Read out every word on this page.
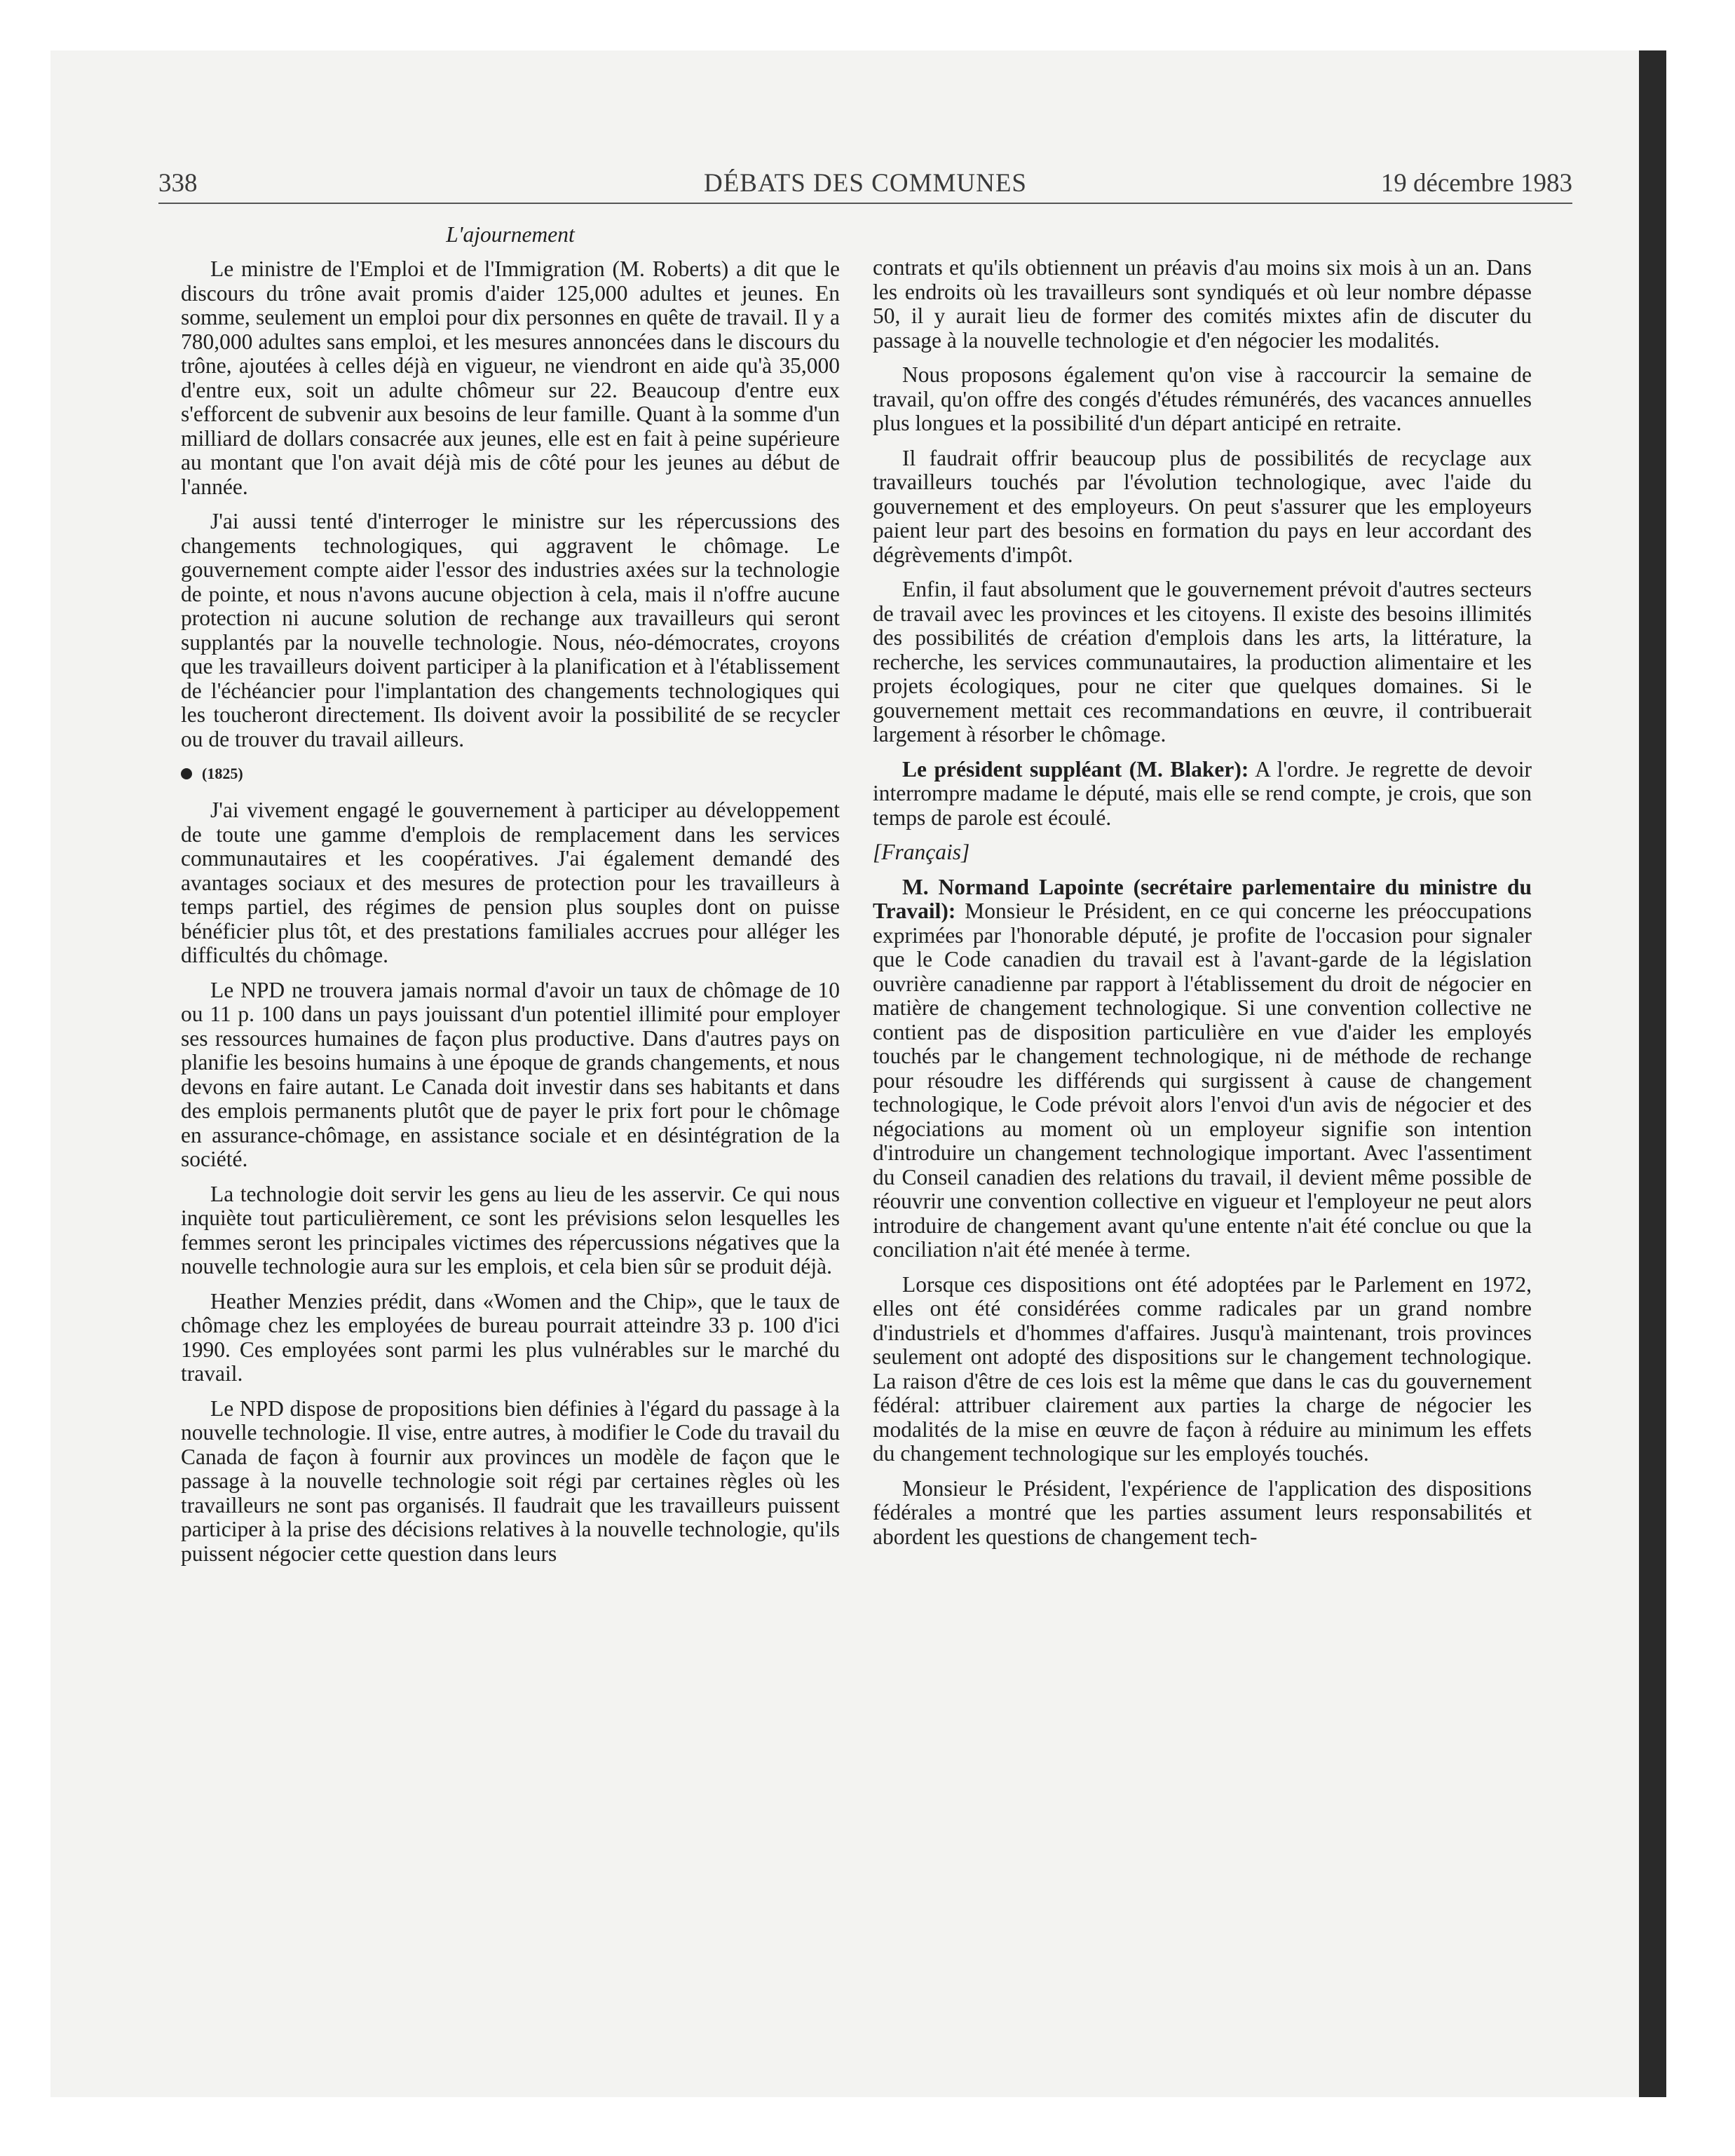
338	DÉBATS DES COMMUNES	19 décembre 1983
L'ajournement

Le ministre de l'Emploi et de l'Immigration (M. Roberts) a dit que le discours du trône avait promis d'aider 125,000 adultes et jeunes. En somme, seulement un emploi pour dix personnes en quête de travail. Il y a 780,000 adultes sans emploi, et les mesures annoncées dans le discours du trône, ajoutées à celles déjà en vigueur, ne viendront en aide qu'à 35,000 d'entre eux, soit un adulte chômeur sur 22. Beaucoup d'entre eux s'efforcent de subvenir aux besoins de leur famille. Quant à la somme d'un milliard de dollars consacrée aux jeunes, elle est en fait à peine supérieure au montant que l'on avait déjà mis de côté pour les jeunes au début de l'année.

J'ai aussi tenté d'interroger le ministre sur les répercussions des changements technologiques, qui aggravent le chômage. Le gouvernement compte aider l'essor des industries axées sur la technologie de pointe, et nous n'avons aucune objection à cela, mais il n'offre aucune protection ni aucune solution de rechange aux travailleurs qui seront supplantés par la nouvelle technologie. Nous, néo-démocrates, croyons que les travailleurs doivent participer à la planification et à l'établissement de l'échéancier pour l'implantation des changements technologiques qui les toucheront directement. Ils doivent avoir la possibilité de se recycler ou de trouver du travail ailleurs.

(1825)

J'ai vivement engagé le gouvernement à participer au développement de toute une gamme d'emplois de remplacement dans les services communautaires et les coopératives. J'ai également demandé des avantages sociaux et des mesures de protection pour les travailleurs à temps partiel, des régimes de pension plus souples dont on puisse bénéficier plus tôt, et des prestations familiales accrues pour alléger les difficultés du chômage.

Le NPD ne trouvera jamais normal d'avoir un taux de chômage de 10 ou 11 p. 100 dans un pays jouissant d'un potentiel illimité pour employer ses ressources humaines de façon plus productive. Dans d'autres pays on planifie les besoins humains à une époque de grands changements, et nous devons en faire autant. Le Canada doit investir dans ses habitants et dans des emplois permanents plutôt que de payer le prix fort pour le chômage en assurance-chômage, en assistance sociale et en désintégration de la société.

La technologie doit servir les gens au lieu de les asservir. Ce qui nous inquiète tout particulièrement, ce sont les prévisions selon lesquelles les femmes seront les principales victimes des répercussions négatives que la nouvelle technologie aura sur les emplois, et cela bien sûr se produit déjà.

Heather Menzies prédit, dans «Women and the Chip», que le taux de chômage chez les employées de bureau pourrait atteindre 33 p. 100 d'ici 1990. Ces employées sont parmi les plus vulnérables sur le marché du travail.

Le NPD dispose de propositions bien définies à l'égard du passage à la nouvelle technologie. Il vise, entre autres, à modifier le Code du travail du Canada de façon à fournir aux provinces un modèle de façon que le passage à la nouvelle technologie soit régi par certaines règles où les travailleurs ne sont pas organisés. Il faudrait que les travailleurs puissent participer à la prise des décisions relatives à la nouvelle technologie, qu'ils puissent négocier cette question dans leurs

contrats et qu'ils obtiennent un préavis d'au moins six mois à un an. Dans les endroits où les travailleurs sont syndiqués et où leur nombre dépasse 50, il y aurait lieu de former des comités mixtes afin de discuter du passage à la nouvelle technologie et d'en négocier les modalités.

Nous proposons également qu'on vise à raccourcir la semaine de travail, qu'on offre des congés d'études rémunérés, des vacances annuelles plus longues et la possibilité d'un départ anticipé en retraite.

Il faudrait offrir beaucoup plus de possibilités de recyclage aux travailleurs touchés par l'évolution technologique, avec l'aide du gouvernement et des employeurs. On peut s'assurer que les employeurs paient leur part des besoins en formation du pays en leur accordant des dégrèvements d'impôt.

Enfin, il faut absolument que le gouvernement prévoit d'autres secteurs de travail avec les provinces et les citoyens. Il existe des besoins illimités des possibilités de création d'emplois dans les arts, la littérature, la recherche, les services communautaires, la production alimentaire et les projets écologiques, pour ne citer que quelques domaines. Si le gouvernement mettait ces recommandations en œuvre, il contribuerait largement à résorber le chômage.

Le président suppléant (M. Blaker): A l'ordre. Je regrette de devoir interrompre madame le député, mais elle se rend compte, je crois, que son temps de parole est écoulé.

[Français]

M. Normand Lapointe (secrétaire parlementaire du ministre du Travail): Monsieur le Président, en ce qui concerne les préoccupations exprimées par l'honorable député, je profite de l'occasion pour signaler que le Code canadien du travail est à l'avant-garde de la législation ouvrière canadienne par rapport à l'établissement du droit de négocier en matière de changement technologique. Si une convention collective ne contient pas de disposition particulière en vue d'aider les employés touchés par le changement technologique, ni de méthode de rechange pour résoudre les différends qui surgissent à cause de changement technologique, le Code prévoit alors l'envoi d'un avis de négocier et des négociations au moment où un employeur signifie son intention d'introduire un changement technologique important. Avec l'assentiment du Conseil canadien des relations du travail, il devient même possible de réouvrir une convention collective en vigueur et l'employeur ne peut alors introduire de changement avant qu'une entente n'ait été conclue ou que la conciliation n'ait été menée à terme.

Lorsque ces dispositions ont été adoptées par le Parlement en 1972, elles ont été considérées comme radicales par un grand nombre d'industriels et d'hommes d'affaires. Jusqu'à maintenant, trois provinces seulement ont adopté des dispositions sur le changement technologique. La raison d'être de ces lois est la même que dans le cas du gouvernement fédéral: attribuer clairement aux parties la charge de négocier les modalités de la mise en œuvre de façon à réduire au minimum les effets du changement technologique sur les employés touchés.

Monsieur le Président, l'expérience de l'application des dispositions fédérales a montré que les parties assument leurs responsabilités et abordent les questions de changement tech-
